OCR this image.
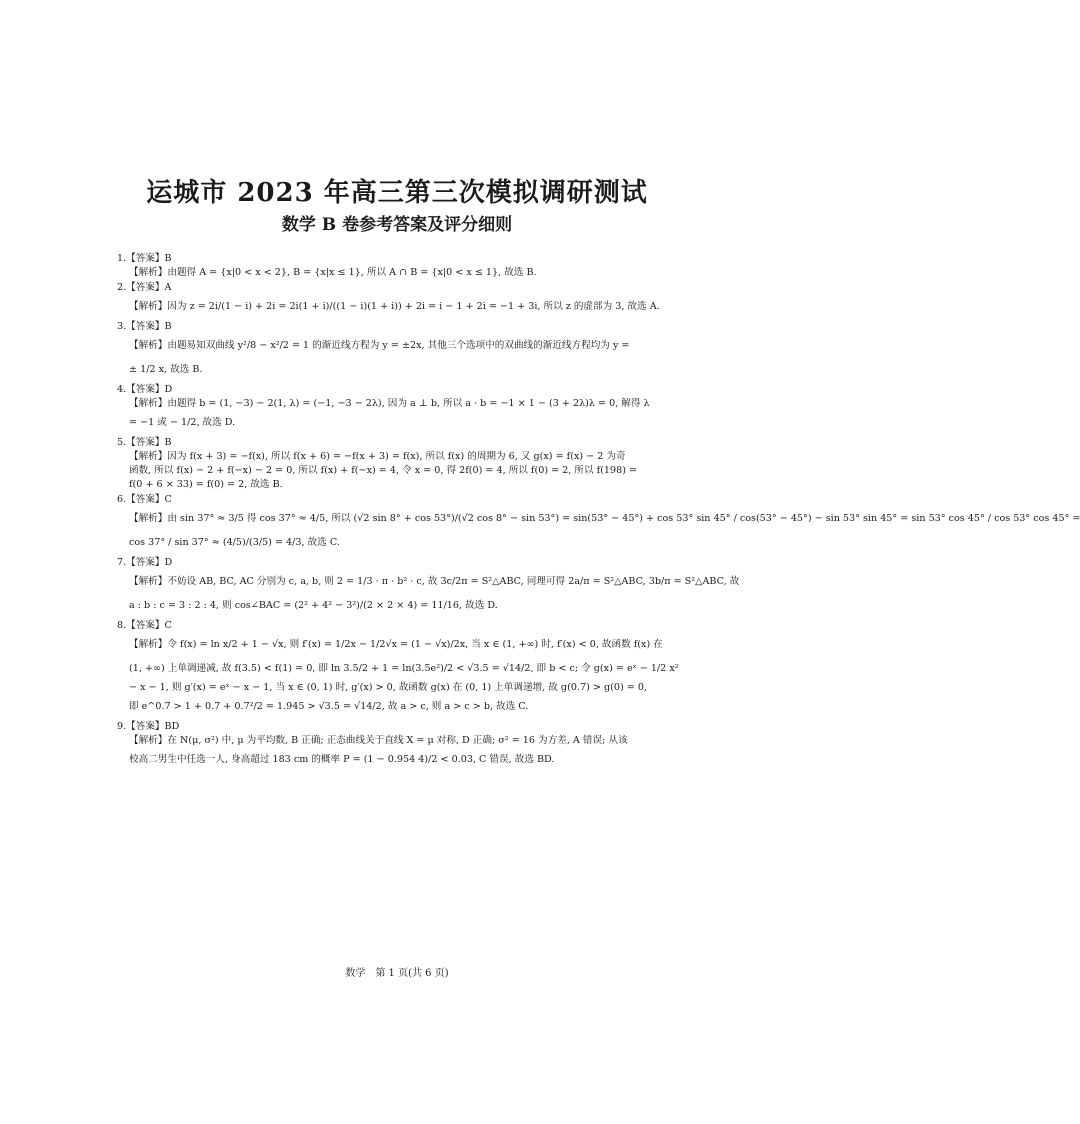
运城市 2023 年高三第三次模拟调研测试
数学 B 卷参考答案及评分细则
1.【答案】B
【解析】由题得 A = {x|0 < x < 2}, B = {x|x ≤ 1}, 所以 A ∩ B = {x|0 < x ≤ 1}, 故选 B.
2.【答案】A
【解析】因为 z = 2i/(1 − i) + 2i = 2i(1 + i)/((1 − i)(1 + i)) + 2i = i − 1 + 2i = −1 + 3i, 所以 z 的虚部为 3, 故选 A.
3.【答案】B
【解析】由题易知双曲线 y²/8 − x²/2 = 1 的渐近线方程为 y = ±2x, 其他三个选项中的双曲线的渐近线方程均为 y =
± 1/2 x, 故选 B.
4.【答案】D
【解析】由题得 b = (1, −3) − 2(1, λ) = (−1, −3 − 2λ), 因为 a ⊥ b, 所以 a · b = −1 × 1 − (3 + 2λ)λ = 0, 解得 λ
= −1 或 − 1/2, 故选 D.
5.【答案】B
【解析】因为 f(x + 3) = −f(x), 所以 f(x + 6) = −f(x + 3) = f(x), 所以 f(x) 的周期为 6, 又 g(x) = f(x) − 2 为奇
函数, 所以 f(x) − 2 + f(−x) − 2 = 0, 所以 f(x) + f(−x) = 4, 令 x = 0, 得 2f(0) = 4, 所以 f(0) = 2, 所以 f(198) =
f(0 + 6 × 33) = f(0) = 2, 故选 B.
6.【答案】C
【解析】由 sin 37° ≈ 3/5 得 cos 37° ≈ 4/5, 所以 (√2 sin 8° + cos 53°)/(√2 cos 8° − sin 53°) = sin(53° − 45°) + cos 53° sin 45° / cos(53° − 45°) − sin 53° sin 45° = sin 53° cos 45° / cos 53° cos 45° =
cos 37° / sin 37° ≈ (4/5)/(3/5) = 4/3, 故选 C.
7.【答案】D
【解析】不妨设 AB, BC, AC 分别为 c, a, b, 则 2 = 1/3 · π · b² · c, 故 3c/2π = S²△ABC, 同理可得 2a/π = S²△ABC, 3b/π = S²△ABC, 故
a : b : c = 3 : 2 : 4, 则 cos∠BAC = (2² + 4² − 3²)/(2 × 2 × 4) = 11/16, 故选 D.
8.【答案】C
【解析】令 f(x) = ln x/2 + 1 − √x, 则 f′(x) = 1/2x − 1/2√x = (1 − √x)/2x, 当 x ∈ (1, +∞) 时, f′(x) < 0, 故函数 f(x) 在
(1, +∞) 上单调递减, 故 f(3.5) < f(1) = 0, 即 ln 3.5/2 + 1 = ln(3.5e²)/2 < √3.5 = √14/2, 即 b < c; 令 g(x) = eˣ − 1/2 x²
− x − 1, 则 g′(x) = eˣ − x − 1, 当 x ∈ (0, 1) 时, g′(x) > 0, 故函数 g(x) 在 (0, 1) 上单调递增, 故 g(0.7) > g(0) = 0,
即 e^0.7 > 1 + 0.7 + 0.7²/2 = 1.945 > √3.5 = √14/2, 故 a > c, 则 a > c > b, 故选 C.
9.【答案】BD
【解析】在 N(μ, σ²) 中, μ 为平均数, B 正确; 正态曲线关于直线 X = μ 对称, D 正确; σ² = 16 为方差, A 错误; 从该
校高二男生中任选一人, 身高超过 183 cm 的概率 P = (1 − 0.954 4)/2 < 0.03, C 错误, 故选 BD.
数学　第 1 页(共 6 页)
